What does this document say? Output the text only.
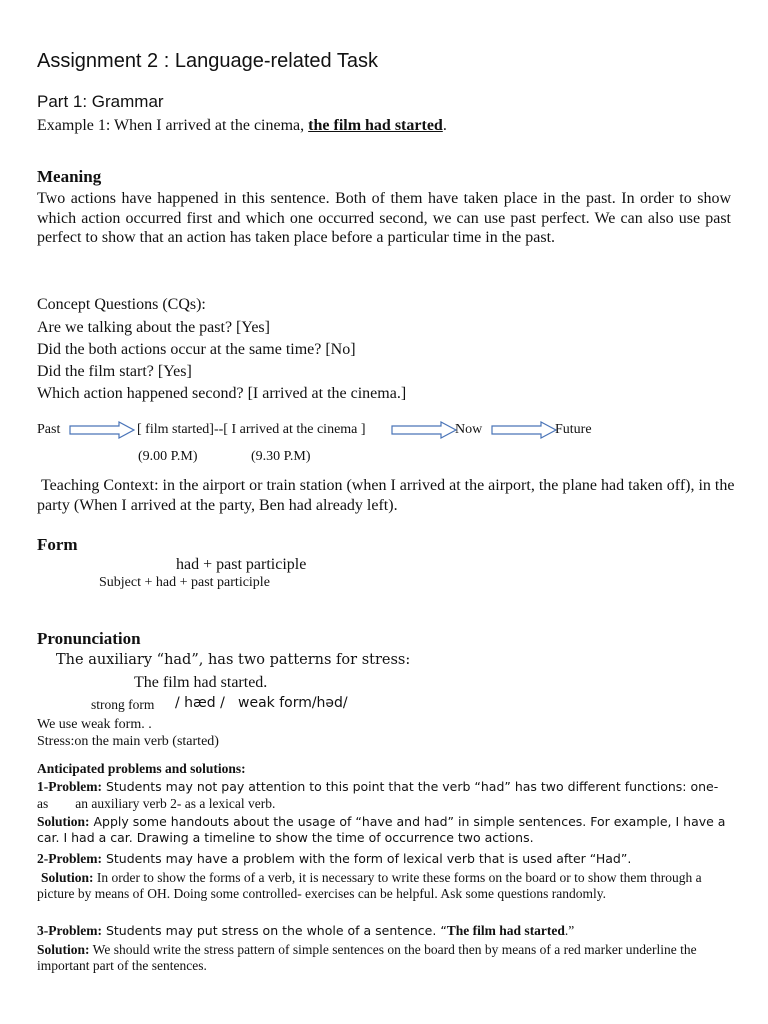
Assignment 2 : Language-related Task
Part 1: Grammar
Example 1: When I arrived at the cinema, the film had started.
Meaning
Two actions have happened in this sentence. Both of them have taken place in the past. In order to show which action occurred first and which one occurred second, we can use past perfect. We can also use past perfect to show that an action has taken place before a particular time in the past.
Concept Questions (CQs):
Are we talking about the past? [Yes]
Did the both actions occur at the same time? [No]
Did the film start? [Yes]
Which action happened second? [I arrived at the cinema.]
Past	[ film started]--[ I arrived at the cinema ]	Now	Future
(9.00 P.M)	(9.30 P.M)
Teaching Context: in the airport or train station (when I arrived at the airport, the plane had taken off), in the party (When I arrived at the party, Ben had already left).
Form
had + past participle
Subject + had + past participle
Pronunciation
The auxiliary “had”, has two patterns for stress:
The film had started.
strong form / hæd / weak form/həd/
We use weak form. .
Stress:on the main verb (started)
Anticipated problems and solutions:
1-Problem: Students may not pay attention to this point that the verb “had” has two different functions: one-
as        an auxiliary verb 2- as a lexical verb.
Solution: Apply some handouts about the usage of “have and had” in simple sentences. For example, I have a car. I had a car. Drawing a timeline to show the time of occurrence two actions.
2-Problem: Students may have a problem with the form of lexical verb that is used after “Had”.
Solution: In order to show the forms of a verb, it is necessary to write these forms on the board or to show them through a picture by means of OH. Doing some controlled- exercises can be helpful. Ask some questions randomly.
3-Problem: Students may put stress on the whole of a sentence. “The film had started.”
Solution: We should write the stress pattern of simple sentences on the board then by means of a red marker underline the important part of the sentences.
